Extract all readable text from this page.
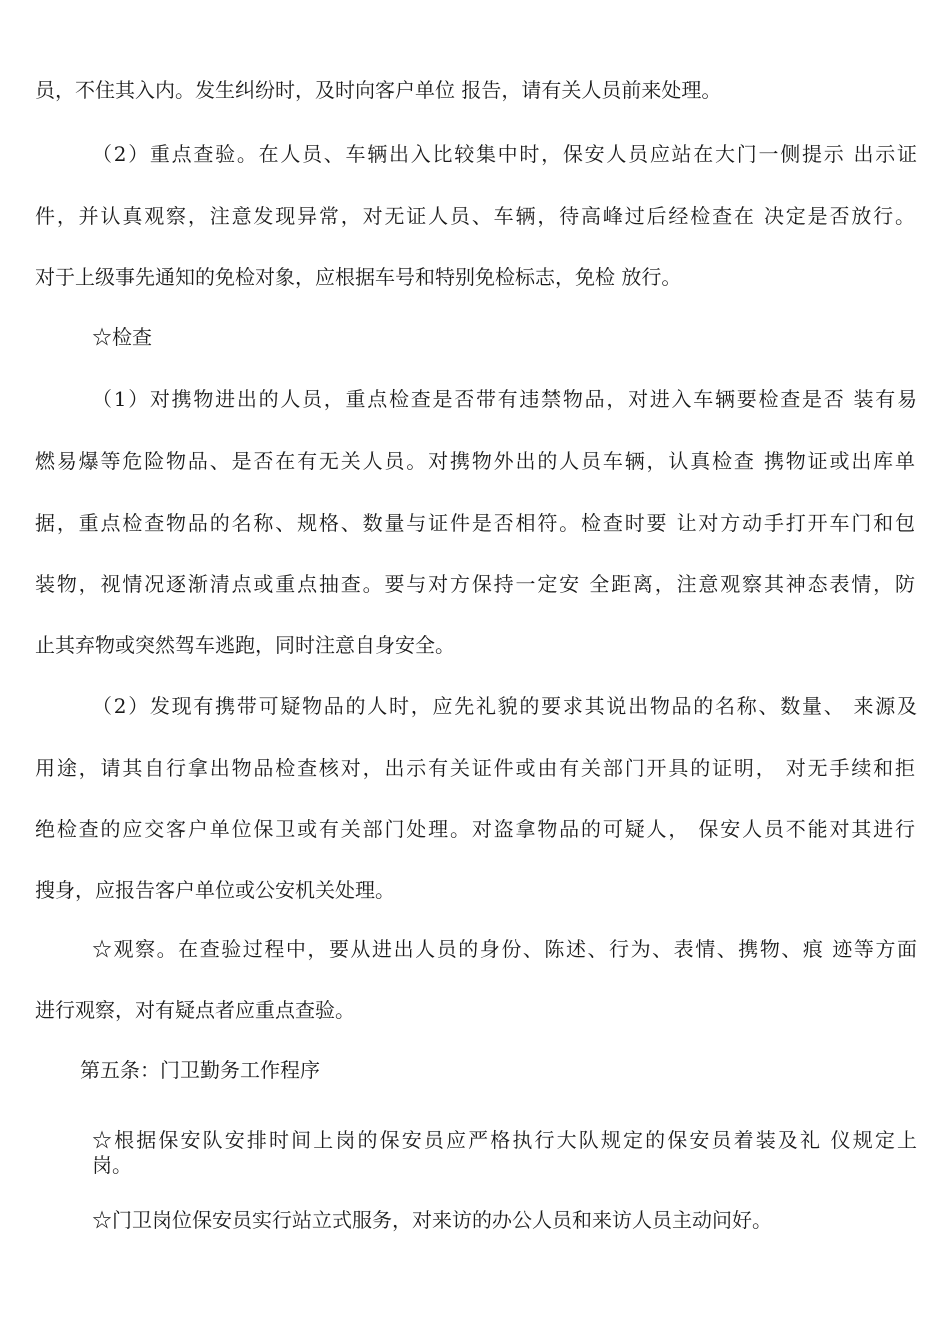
员，不住其入内。发生纠纷时，及时向客户单位 报告，请有关人员前来处理。
（2）重点查验。在人员、车辆出入比较集中时，保安人员应站在大门一侧提示 出示证
件，并认真观察，注意发现异常，对无证人员、车辆，待高峰过后经检查在 决定是否放行。
对于上级事先通知的免检对象，应根据车号和特别免检标志，免检 放行。
☆检查
（1）对携物进出的人员，重点检查是否带有违禁物品，对进入车辆要检查是否 装有易
燃易爆等危险物品、是否在有无关人员。对携物外出的人员车辆，认真检查 携物证或出库单
据，重点检查物品的名称、规格、数量与证件是否相符。检查时要 让对方动手打开车门和包
装物，视情况逐渐清点或重点抽查。要与对方保持一定安 全距离，注意观察其神态表情，防
止其弃物或突然驾车逃跑，同时注意自身安全。
（2）发现有携带可疑物品的人时，应先礼貌的要求其说出物品的名称、数量、 来源及
用途，请其自行拿出物品检查核对，出示有关证件或由有关部门开具的证明， 对无手续和拒
绝检查的应交客户单位保卫或有关部门处理。对盗拿物品的可疑人， 保安人员不能对其进行
搜身，应报告客户单位或公安机关处理。
☆观察。在查验过程中，要从进出人员的身份、陈述、行为、表情、携物、痕 迹等方面
进行观察，对有疑点者应重点查验。
第五条：门卫勤务工作程序
☆根据保安队安排时间上岗的保安员应严格执行大队规定的保安员着装及礼 仪规定上
岗。
☆门卫岗位保安员实行站立式服务，对来访的办公人员和来访人员主动问好。
